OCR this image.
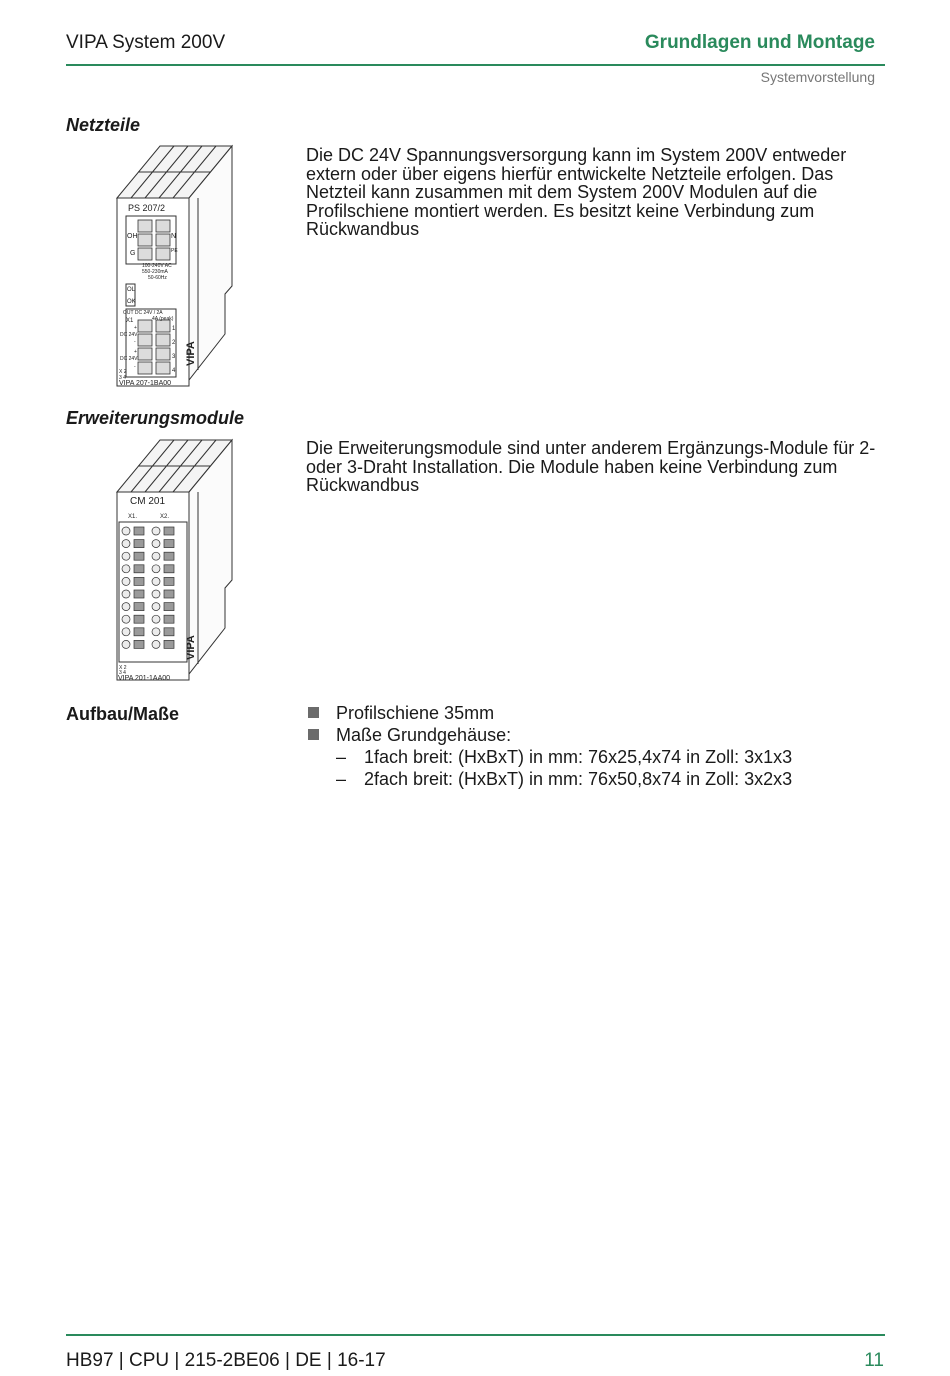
VIPA System 200V	Grundlagen und Montage
Systemvorstellung
Netzteile
Die DC 24V Spannungsversorgung kann im System 200V entweder extern oder über eigens hierfür entwickelte Netzteile erfolgen. Das Netzteil kann zusammen mit dem System 200V Modulen auf die Profilschiene montiert werden. Es besitzt keine Verbindung zum Rückwandbus
PS 207/2
OH
G
N
PE
100-240V AC
550-230mA
50-60Hz
OL
OK
OUT DC 24V / 2A
4A (peak)
X1
+
DC 24V
-
+
DC 24V
-
1
2
3
4
X 2
3 4
VIPA 207-1BA00
VIPA
Erweiterungsmodule
Die Erweiterungsmodule sind unter anderem Ergänzungs-Module für 2- oder 3-Draht Installation. Die Module haben keine Verbindung zum Rückwandbus
CM 201
X1.	X2.
X 2
3 4
VIPA 201-1AA00
VIPA
Aufbau/Maße	Profilschiene 35mm
Maße Grundgehäuse:
– 1fach breit: (HxBxT) in mm: 76x25,4x74 in Zoll: 3x1x3
– 2fach breit: (HxBxT) in mm: 76x50,8x74 in Zoll: 3x2x3
HB97 | CPU | 215-2BE06 | DE | 16-17	11
